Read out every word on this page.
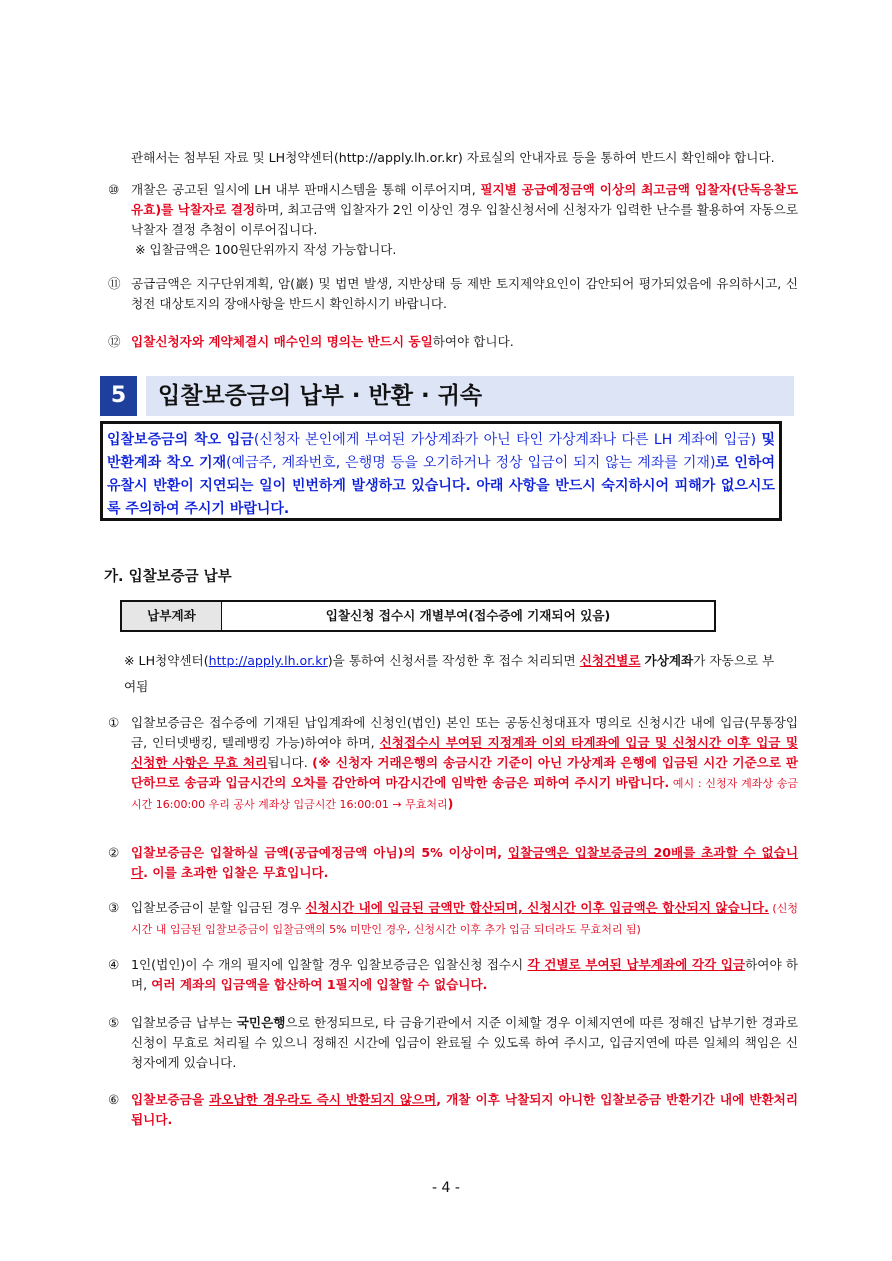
관해서는 첨부된 자료 및 LH청약센터(http://apply.lh.or.kr) 자료실의 안내자료 등을 통하여 반드시 확인해야 합니다.
⑩ 개찰은 공고된 일시에 LH 내부 판매시스템을 통해 이루어지며, 필지별 공급예정금액 이상의 최고금액 입찰자(단독응찰도 유효)를 낙찰자로 결정하며, 최고금액 입찰자가 2인 이상인 경우 입찰신청서에 신청자가 입력한 난수를 활용하여 자동으로 낙찰자 결정 추첨이 이루어집니다.
※ 입찰금액은 100원단위까지 작성 가능합니다.
⑪ 공급금액은 지구단위계획, 암(巖) 및 법면 발생, 지반상태 등 제반 토지제약요인이 감안되어 평가되었음에 유의하시고, 신청전 대상토지의 장애사항을 반드시 확인하시기 바랍니다.
⑫ 입찰신청자와 계약체결시 매수인의 명의는 반드시 동일하여야 합니다.
5	입찰보증금의 납부 · 반환 · 귀속
입찰보증금의 착오 입금(신청자 본인에게 부여된 가상계좌가 아닌 타인 가상계좌나 다른 LH 계좌에 입금) 및 반환계좌 착오 기재(예금주, 계좌번호, 은행명 등을 오기하거나 정상 입금이 되지 않는 계좌를 기재)로 인하여 유찰시 반환이 지연되는 일이 빈번하게 발생하고 있습니다. 아래 사항을 반드시 숙지하시어 피해가 없으시도록 주의하여 주시기 바랍니다.
가. 입찰보증금 납부
납부계좌	입찰신청 접수시 개별부여(접수증에 기재되어 있음)
※ LH청약센터(http://apply.lh.or.kr)을 통하여 신청서를 작성한 후 접수 처리되면 신청건별로 가상계좌가 자동으로 부여됨
① 입찰보증금은 접수증에 기재된 납입계좌에 신청인(법인) 본인 또는 공동신청대표자 명의로 신청시간 내에 입금(무통장입금, 인터넷뱅킹, 텔레뱅킹 가능)하여야 하며, 신청접수시 부여된 지정계좌 이외 타계좌에 입금 및 신청시간 이후 입금 및 신청한 사항은 무효 처리됩니다. (※ 신청자 거래은행의 송금시간 기준이 아닌 가상계좌 은행에 입금된 시간 기준으로 판단하므로 송금과 입금시간의 오차를 감안하여 마감시간에 임박한 송금은 피하여 주시기 바랍니다. 예시 : 신청자 계좌상 송금시간 16:00:00 우리 공사 계좌상 입금시간 16:00:01 → 무효처리)
② 입찰보증금은 입찰하실 금액(공급예정금액 아님)의 5% 이상이며, 입찰금액은 입찰보증금의 20배를 초과할 수 없습니다. 이를 초과한 입찰은 무효입니다.
③ 입찰보증금이 분할 입금된 경우 신청시간 내에 입금된 금액만 합산되며, 신청시간 이후 입금액은 합산되지 않습니다. (신청시간 내 입금된 입찰보증금이 입찰금액의 5% 미만인 경우, 신청시간 이후 추가 입금 되더라도 무효처리 됨)
④ 1인(법인)이 수 개의 필지에 입찰할 경우 입찰보증금은 입찰신청 접수시 각 건별로 부여된 납부계좌에 각각 입금하여야 하며, 여러 계좌의 입금액을 합산하여 1필지에 입찰할 수 없습니다.
⑤ 입찰보증금 납부는 국민은행으로 한정되므로, 타 금융기관에서 지준 이체할 경우 이체지연에 따른 정해진 납부기한 경과로 신청이 무효로 처리될 수 있으니 정해진 시간에 입금이 완료될 수 있도록 하여 주시고, 입금지연에 따른 일체의 책임은 신청자에게 있습니다.
⑥ 입찰보증금을 과오납한 경우라도 즉시 반환되지 않으며, 개찰 이후 낙찰되지 아니한 입찰보증금 반환기간 내에 반환처리 됩니다.
- 4 -
